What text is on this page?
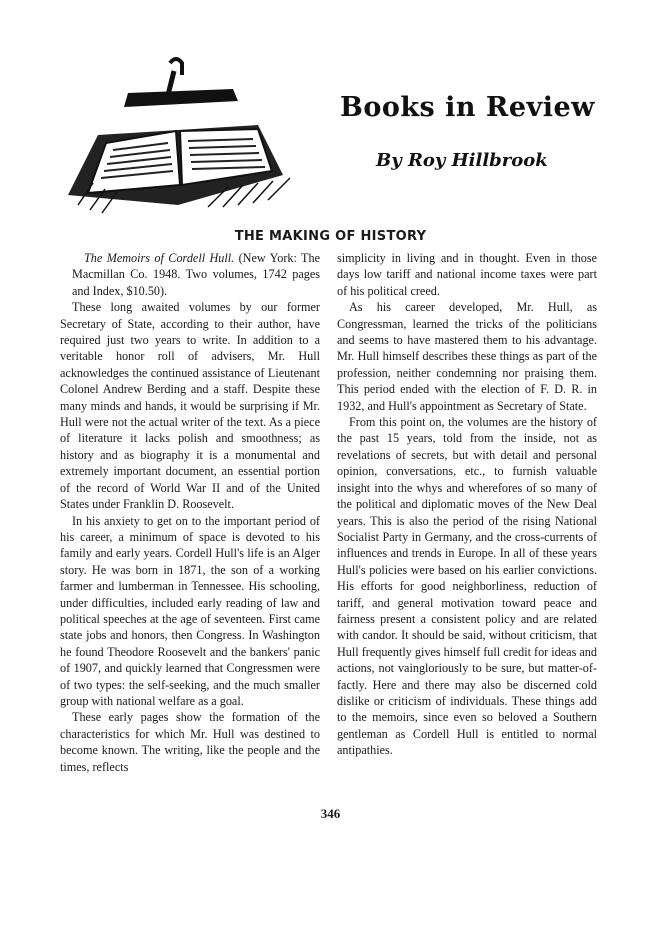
Books in Review
By Roy Hillbrook
THE MAKING OF HISTORY

The Memoirs of Cordell Hull. (New York: The Macmillan Co. 1948. Two volumes, 1742 pages and Index, $10.50).

These long awaited volumes by our former Secretary of State, according to their author, have required just two years to write. In addition to a veritable honor roll of advisers, Mr. Hull acknowledges the continued assistance of Lieutenant Colonel Andrew Berding and a staff. Despite these many minds and hands, it would be surprising if Mr. Hull were not the actual writer of the text. As a piece of literature it lacks polish and smoothness; as history and as biography it is a monumental and extremely important document, an essential portion of the record of World War II and of the United States under Franklin D. Roosevelt.

In his anxiety to get on to the important period of his career, a minimum of space is devoted to his family and early years. Cordell Hull's life is an Alger story. He was born in 1871, the son of a working farmer and lumberman in Tennessee. His schooling, under difficulties, included early reading of law and political speeches at the age of seventeen. First came state jobs and honors, then Congress. In Washington he found Theodore Roosevelt and the bankers' panic of 1907, and quickly learned that Congressmen were of two types: the self-seeking, and the much smaller group with national welfare as a goal.

These early pages show the formation of the characteristics for which Mr. Hull was destined to become known. The writing, like the people and the times, reflects

simplicity in living and in thought. Even in those days low tariff and national income taxes were part of his political creed.

As his career developed, Mr. Hull, as Congressman, learned the tricks of the politicians and seems to have mastered them to his advantage. Mr. Hull himself describes these things as part of the profession, neither condemning nor praising them. This period ended with the election of F. D. R. in 1932, and Hull's appointment as Secretary of State.

From this point on, the volumes are the history of the past 15 years, told from the inside, not as revelations of secrets, but with detail and personal opinion, conversations, etc., to furnish valuable insight into the whys and wherefores of so many of the political and diplomatic moves of the New Deal years. This is also the period of the rising National Socialist Party in Germany, and the cross-currents of influences and trends in Europe. In all of these years Hull's policies were based on his earlier convictions. His efforts for good neighborliness, reduction of tariff, and general motivation toward peace and fairness present a consistent policy and are related with candor. It should be said, without criticism, that Hull frequently gives himself full credit for ideas and actions, not vaingloriously to be sure, but matter-of-factly. Here and there may also be discerned cold dislike or criticism of individuals. These things add to the memoirs, since even so beloved a Southern gentleman as Cordell Hull is entitled to normal antipathies.

346
